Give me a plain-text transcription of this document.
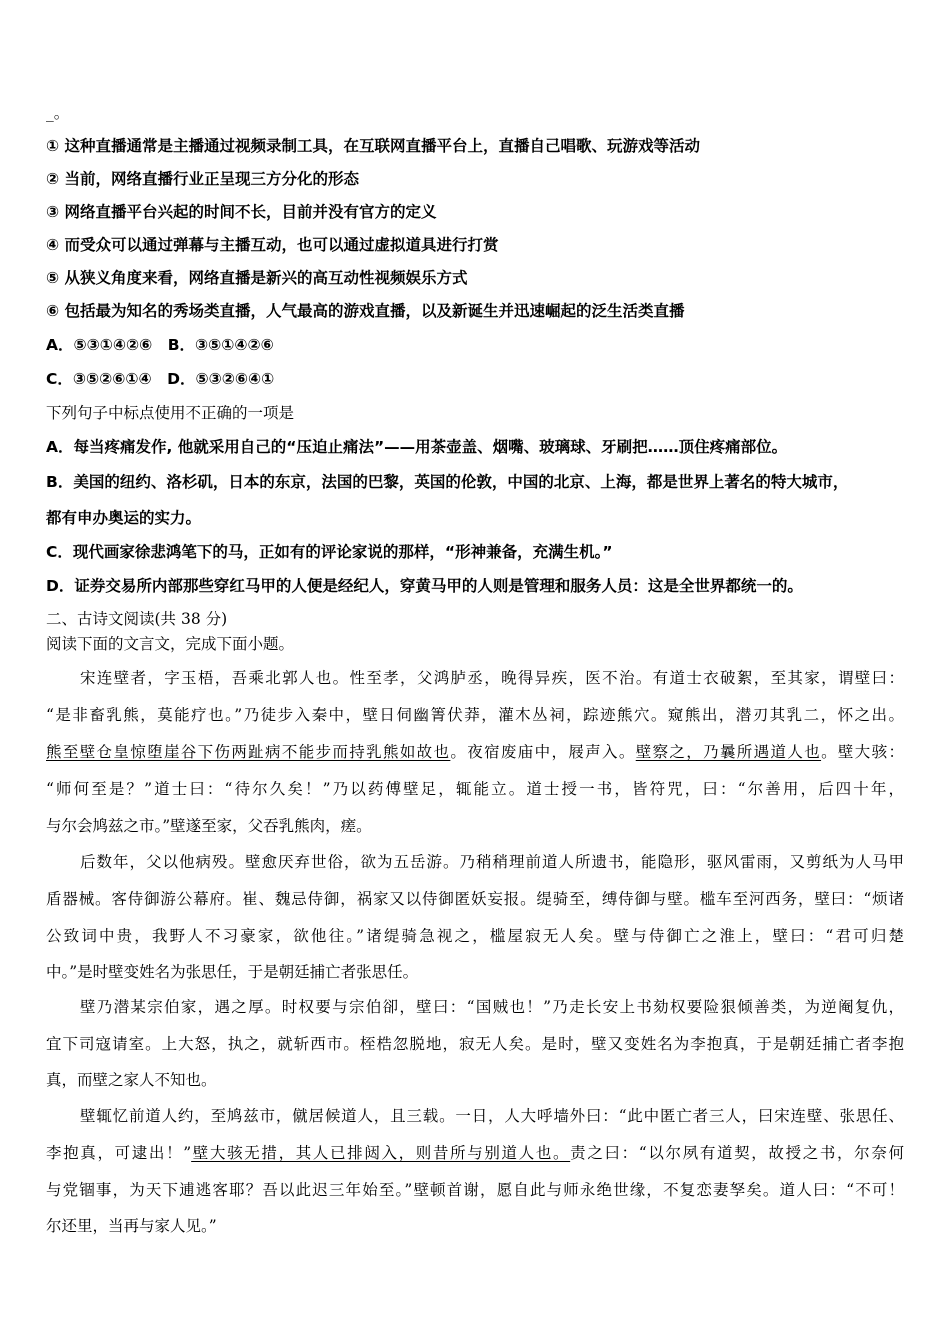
_。
① 这种直播通常是主播通过视频录制工具，在互联网直播平台上，直播自己唱歌、玩游戏等活动
② 当前，网络直播行业正呈现三方分化的形态
③ 网络直播平台兴起的时间不长，目前并没有官方的定义
④ 而受众可以通过弹幕与主播互动，也可以通过虚拟道具进行打赏
⑤ 从狭义角度来看，网络直播是新兴的高互动性视频娱乐方式
⑥ 包括最为知名的秀场类直播，人气最高的游戏直播，以及新诞生并迅速崛起的泛生活类直播
A．⑤③①④②⑥　B．③⑤①④②⑥
C．③⑤②⑥①④　D．⑤③②⑥④①
下列句子中标点使用不正确的一项是
A．每当疼痛发作, 他就采用自己的“压迫止痛法”——用茶壶盖、烟嘴、玻璃球、牙刷把……顶住疼痛部位。
B．美国的纽约、洛杉矶，日本的东京，法国的巴黎，英国的伦敦，中国的北京、上海，都是世界上著名的特大城市，
都有申办奥运的实力。
C．现代画家徐悲鸿笔下的马，正如有的评论家说的那样，“形神兼备，充满生机。”
D．证券交易所内部那些穿红马甲的人便是经纪人，穿黄马甲的人则是管理和服务人员：这是全世界都统一的。
二、古诗文阅读(共 38 分)
阅读下面的文言文，完成下面小题。
宋连壁者，字玉梧，吾乘北郭人也。性至孝，父鸿胪丞，晚得异疾，医不治。有道士衣破絮，至其家，谓壁曰：
“是非畜乳熊，莫能疗也。”乃徒步入秦中，壁日伺幽箐伏莽，灌木丛祠，踪迹熊穴。窥熊出，潜刃其乳二，怀之出。
熊至壁仓皇惊堕崖谷下伤两趾病不能步而持乳熊如故也。夜宿废庙中，屐声入。壁察之，乃曩所遇道人也。壁大骇：
“师何至是？”道士曰：“待尔久矣！”乃以药傅壁足，辄能立。道士授一书，皆符咒，曰：“尔善用，后四十年，
与尔会鸠兹之市。”壁遂至家，父吞乳熊肉，瘥。
后数年，父以他病殁。壁愈厌弃世俗，欲为五岳游。乃稍稍理前道人所遗书，能隐形，驱风雷雨，又剪纸为人马甲
盾器械。客侍御游公幕府。崔、魏忌侍御，祸家又以侍御匿妖妄报。缇骑至，缚侍御与壁。槛车至河西务，壁曰：“烦诸
公致词中贵，我野人不习豪家，欲他往。”诸缇骑急视之，槛屋寂无人矣。壁与侍御亡之淮上，壁曰：“君可归楚
中。”是时壁变姓名为张思任，于是朝廷捕亡者张思任。
壁乃潜某宗伯家，遇之厚。时权要与宗伯卻，壁曰：“国贼也！”乃走长安上书劾权要险狠倾善类，为逆阉复仇，
宜下司寇请室。上大怒，执之，就斩西市。桎梏忽脱地，寂无人矣。是时，壁又变姓名为李抱真，于是朝廷捕亡者李抱
真，而壁之家人不知也。
壁辄忆前道人约，至鸠兹市，僦居候道人，且三载。一日，人大呼墙外曰：“此中匿亡者三人，曰宋连壁、张思任、
李抱真，可逮出！”壁大骇无措，其人已排闼入，则昔所与别道人也。责之曰：“以尔夙有道契，故授之书，尔奈何
与党锢事，为天下逋逃客耶？吾以此迟三年始至。”壁顿首谢，愿自此与师永绝世缘，不复恋妻孥矣。道人曰：“不可！
尔还里，当再与家人见。”
